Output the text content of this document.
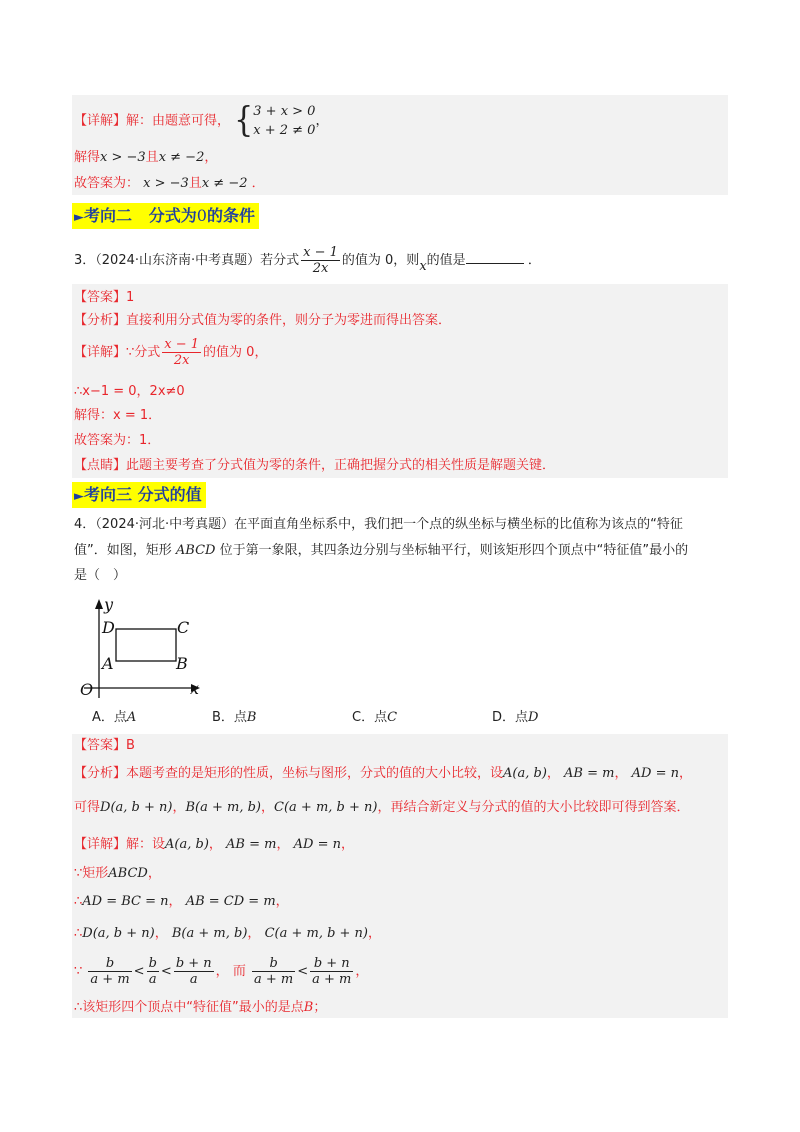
【详解】解：由题意可得， { 3 + x > 0
x + 2 ≠ 0
，
解得x > −3且x ≠ −2，
故答案为： x > −3且x ≠ −2 ．
►考向二 分式为0的条件
3．（2024·山东济南·中考真题）若分式 $\frac{x - 1}{2x}$ 的值为 0，则x的值是	．
【答案】1
【分析】直接利用分式值为零的条件，则分子为零进而得出答案．
【详解】∵分式 $\frac{x - 1}{2x}$ 的值为 0，
∴x−1 = 0，2x≠0
解得：x = 1．
故答案为：1．
【点睛】此题主要考查了分式值为零的条件，正确把握分式的相关性质是解题关键．
►考向三 分式的值
4．（2024·河北·中考真题）在平面直角坐标系中，我们把一个点的纵坐标与横坐标的比值称为该点的“特征
值”．如图，矩形 ABCD 位于第一象限，其四条边分别与坐标轴平行，则该矩形四个顶点中“特征值”最小的
是（　）
y
x
O
A	B
C
D
A．点A	B．点B	C．点C	D．点D
【答案】B
【分析】本题考查的是矩形的性质，坐标与图形，分式的值的大小比较，设A(a, b)， AB = m， AD = n，
可得D(a, b + n)，B(a + m, b)，C(a + m, b + n)，再结合新定义与分式的值的大小比较即可得到答案．
【详解】解：设A(a, b)， AB = m， AD = n，
∵矩形ABCD，
∴AD = BC = n， AB = CD = m，
∴D(a, b + n)， B(a + m, b)， C(a + m, b + n)，
∵ $\frac{b}{a + m} < \frac{b}{a} < \frac{b + n}{a}$ ， 而 $\frac{b}{a + m} < \frac{b + n}{a + m}$ ，
∴该矩形四个顶点中“特征值”最小的是点B；
